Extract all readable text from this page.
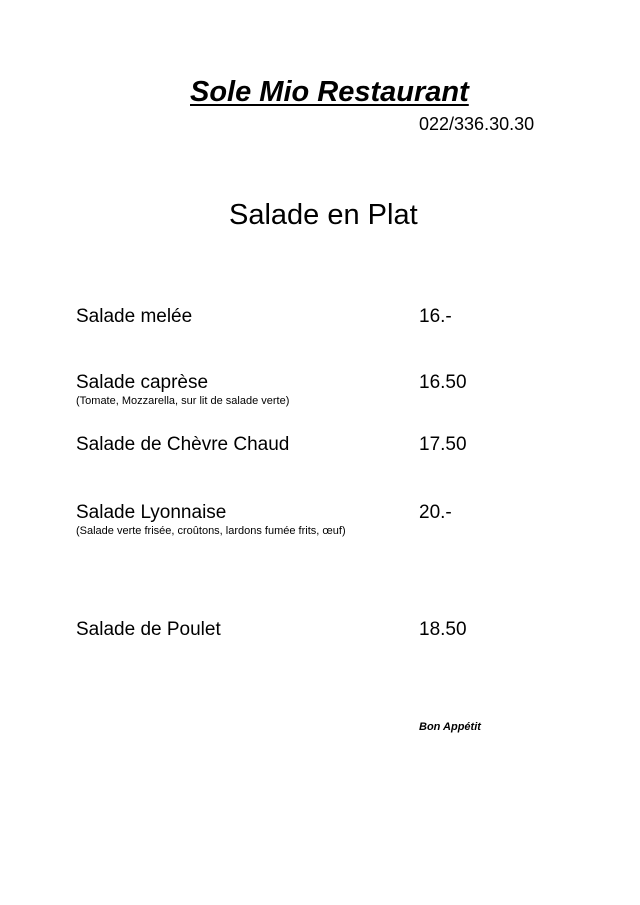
Sole Mio Restaurant
022/336.30.30
Salade en Plat
Salade melée	16.-
Salade caprèse	16.50
(Tomate, Mozzarella, sur lit de salade verte)
Salade de Chèvre Chaud	17.50
Salade Lyonnaise	20.-
(Salade verte frisée, croûtons, lardons fumée frits, œuf)
Salade de Poulet	18.50
Bon Appétit
